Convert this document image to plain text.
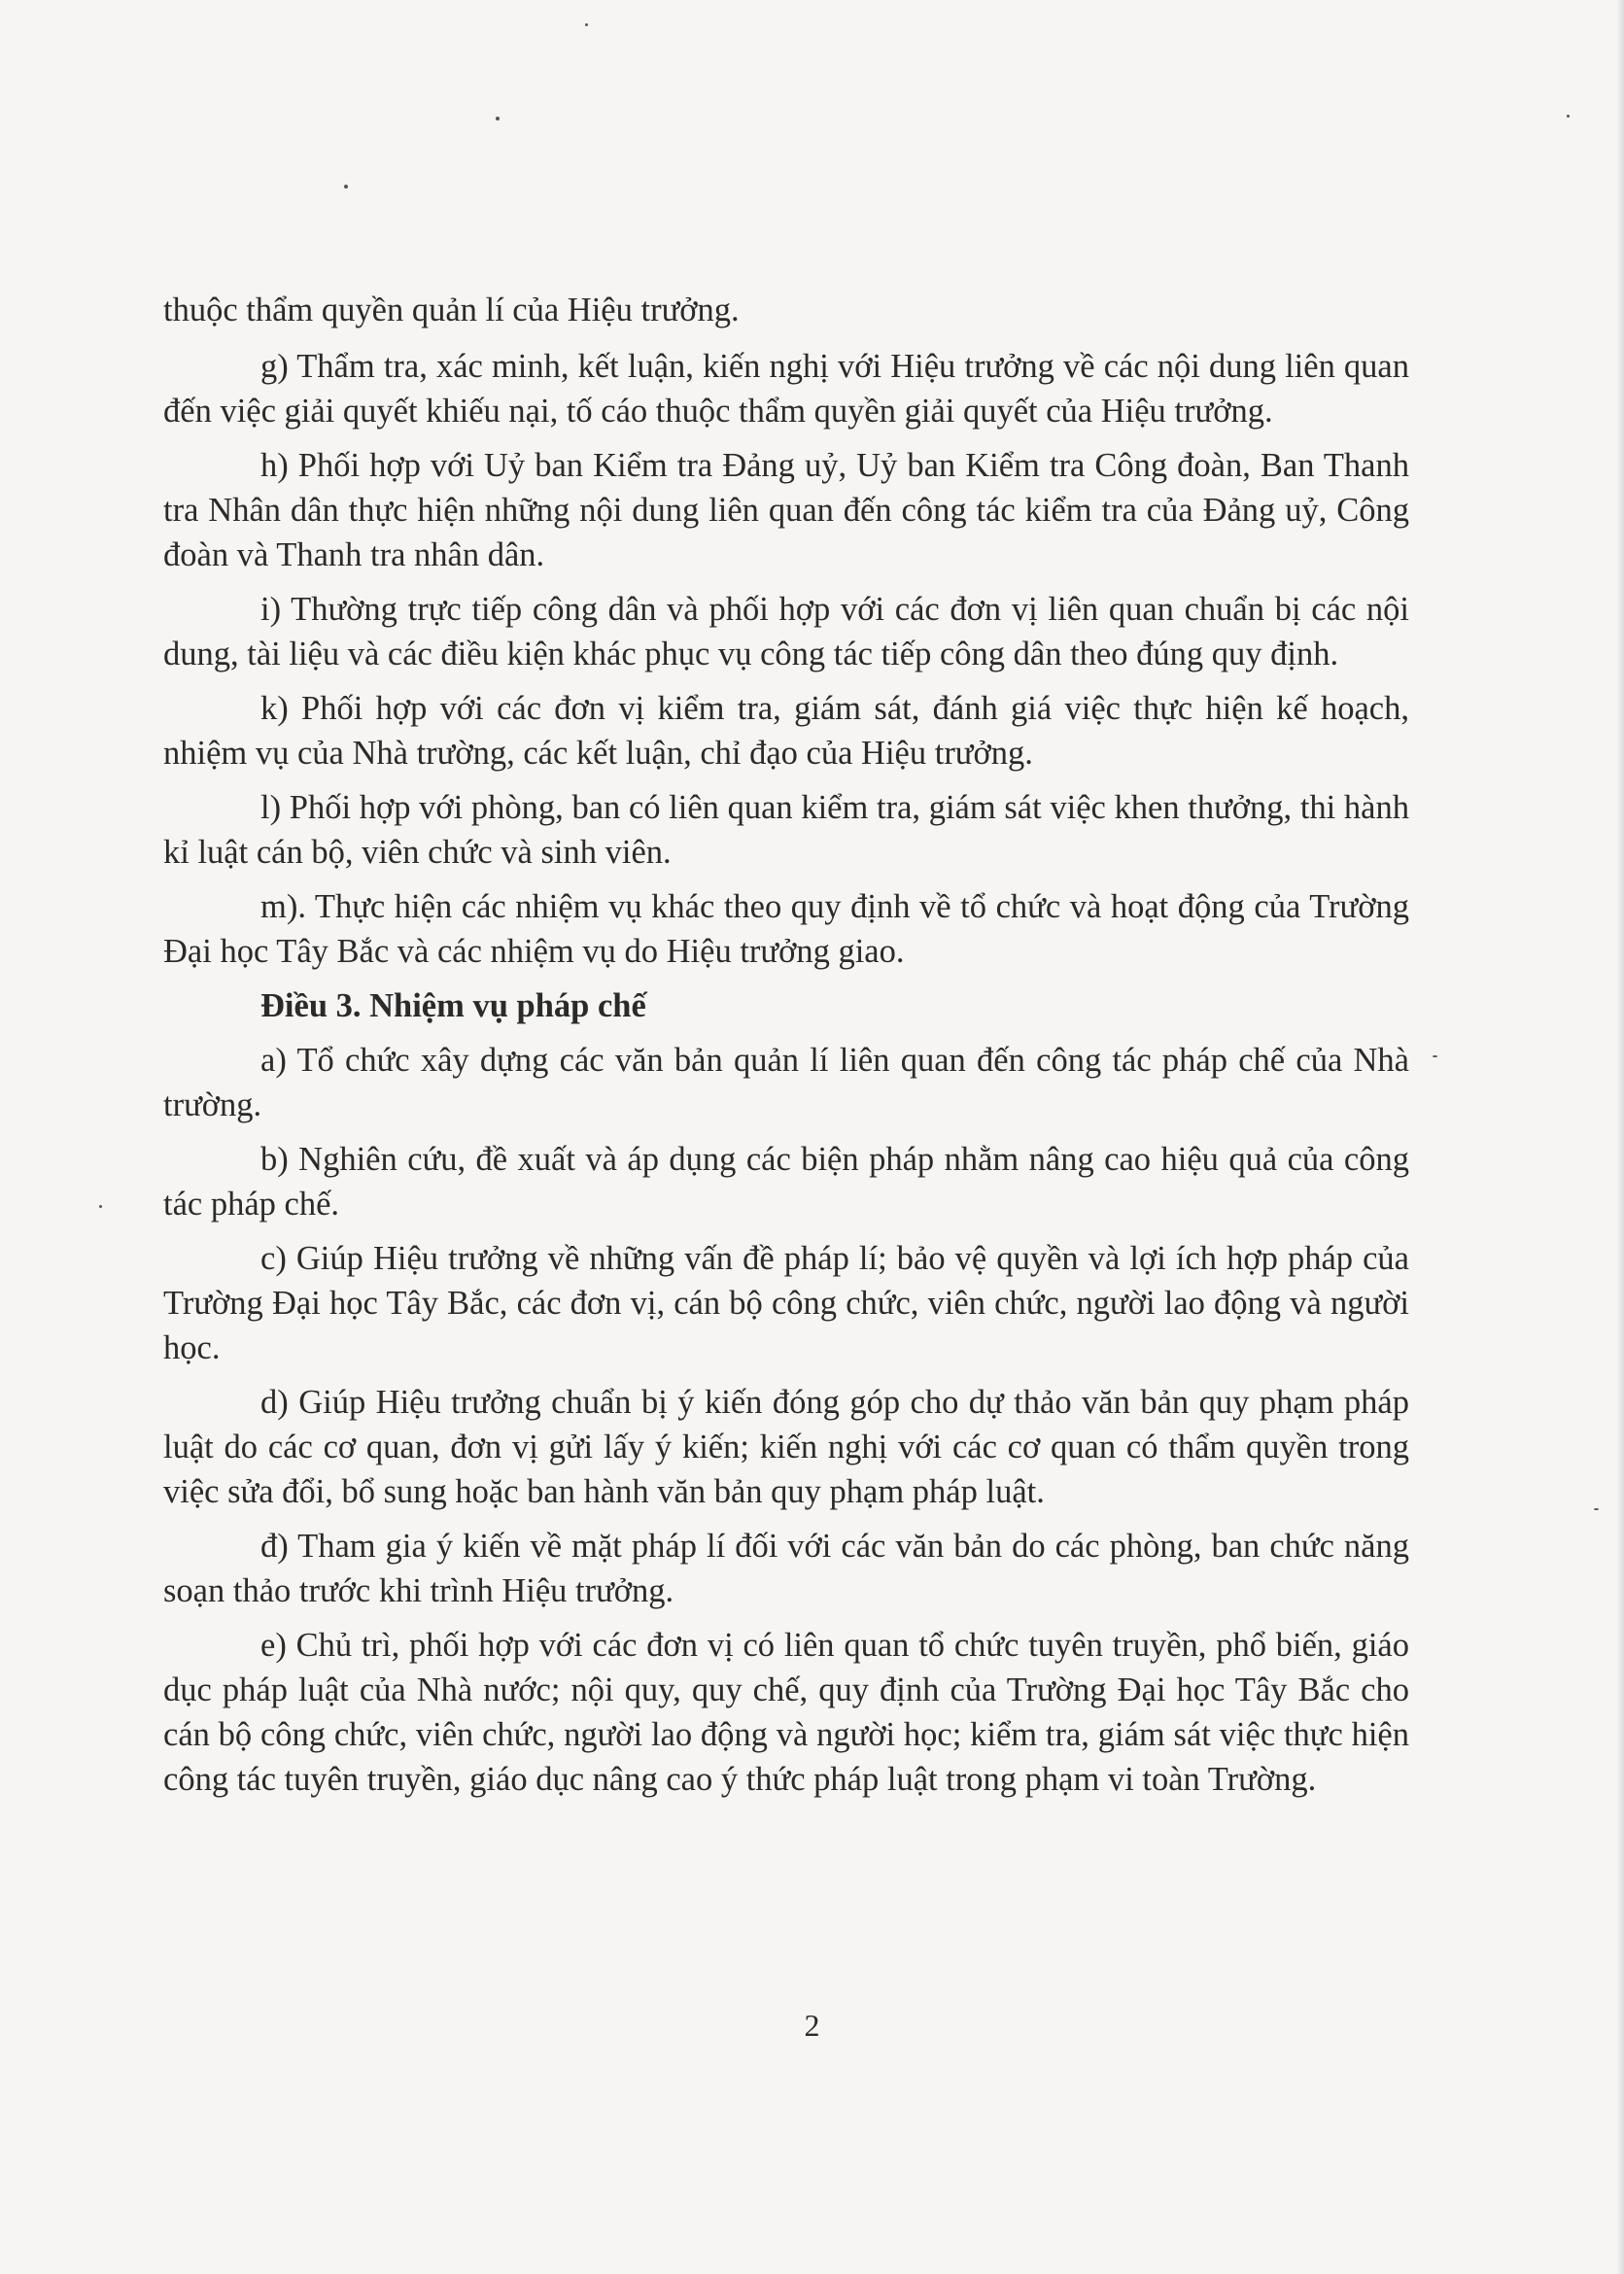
thuộc thẩm quyền quản lí của Hiệu trưởng.

g) Thẩm tra, xác minh, kết luận, kiến nghị với Hiệu trưởng về các nội dung liên quan đến việc giải quyết khiếu nại, tố cáo thuộc thẩm quyền giải quyết của Hiệu trưởng.

h) Phối hợp với Uỷ ban Kiểm tra Đảng uỷ, Uỷ ban Kiểm tra Công đoàn, Ban Thanh tra Nhân dân thực hiện những nội dung liên quan đến công tác kiểm tra của Đảng uỷ, Công đoàn và Thanh tra nhân dân.

i) Thường trực tiếp công dân và phối hợp với các đơn vị liên quan chuẩn bị các nội dung, tài liệu và các điều kiện khác phục vụ công tác tiếp công dân theo đúng quy định.

k) Phối hợp với các đơn vị kiểm tra, giám sát, đánh giá việc thực hiện kế hoạch, nhiệm vụ của Nhà trường, các kết luận, chỉ đạo của Hiệu trưởng.

l) Phối hợp với phòng, ban có liên quan kiểm tra, giám sát việc khen thưởng, thi hành kỉ luật cán bộ, viên chức và sinh viên.

m). Thực hiện các nhiệm vụ khác theo quy định về tổ chức và hoạt động của Trường Đại học Tây Bắc và các nhiệm vụ do Hiệu trưởng giao.

Điều 3. Nhiệm vụ pháp chế

a) Tổ chức xây dựng các văn bản quản lí liên quan đến công tác pháp chế của Nhà trường.

b) Nghiên cứu, đề xuất và áp dụng các biện pháp nhằm nâng cao hiệu quả của công tác pháp chế.

c) Giúp Hiệu trưởng về những vấn đề pháp lí; bảo vệ quyền và lợi ích hợp pháp của Trường Đại học Tây Bắc, các đơn vị, cán bộ công chức, viên chức, người lao động và người học.

d) Giúp Hiệu trưởng chuẩn bị ý kiến đóng góp cho dự thảo văn bản quy phạm pháp luật do các cơ quan, đơn vị gửi lấy ý kiến; kiến nghị với các cơ quan có thẩm quyền trong việc sửa đổi, bổ sung hoặc ban hành văn bản quy phạm pháp luật.

đ) Tham gia ý kiến về mặt pháp lí đối với các văn bản do các phòng, ban chức năng soạn thảo trước khi trình Hiệu trưởng.

e) Chủ trì, phối hợp với các đơn vị có liên quan tổ chức tuyên truyền, phổ biến, giáo dục pháp luật của Nhà nước; nội quy, quy chế, quy định của Trường Đại học Tây Bắc cho cán bộ công chức, viên chức, người lao động và người học; kiểm tra, giám sát việc thực hiện công tác tuyên truyền, giáo dục nâng cao ý thức pháp luật trong phạm vi toàn Trường.

2
